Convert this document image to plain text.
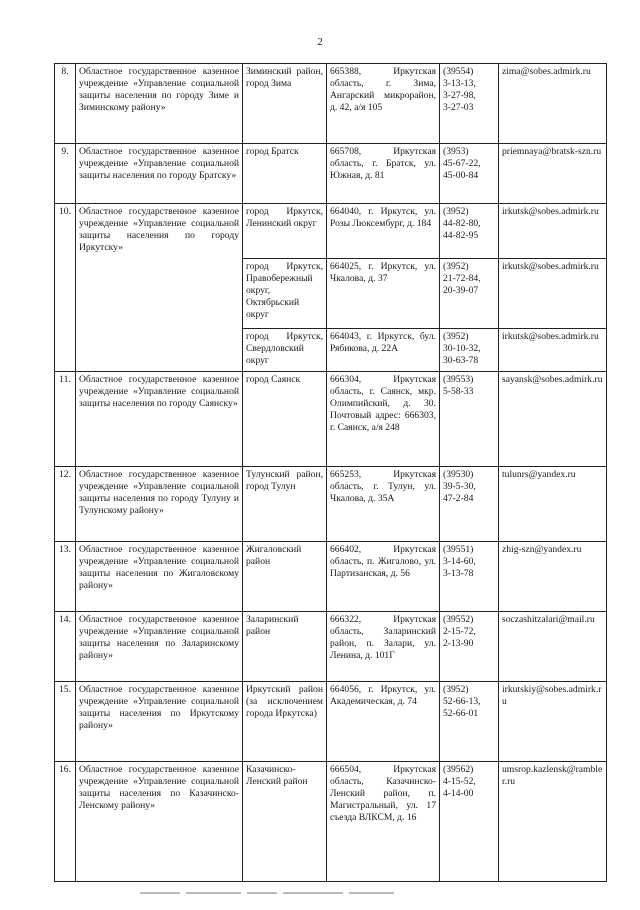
2
8.	Областное государственное казенное учреждение «Управление социальной защиты населения по городу Зиме и Зиминскому району»	Зиминский район, город Зима	665388, Иркутская область, г. Зима, Ангарский микрорайон, д. 42, а/я 105	(39554)
3-13-13,
3-27-98,
3-27-03	zima@sobes.admirk.ru
9.	Областное государственное казенное учреждение «Управление социальной защиты населения по городу Братску»	город Братск	665708, Иркутская область, г. Братск, ул. Южная, д. 81	(3953)
45-67-22,
45-00-84	priemnaya@bratsk-szn.ru
10.	Областное государственное казенное учреждение «Управление социальной защиты населения по городу Иркутску»	город Иркутск, Ленинский округ	664040, г. Иркутск, ул. Розы Люксембург, д. 184	(3952)
44-82-80,
44-82-95	irkutsk@sobes.admirk.ru
		город Иркутск, Правобережный округ, Октябрьский округ	664025, г. Иркутск, ул. Чкалова, д. 37	(3952)
21-72-84,
20-39-07	irkutsk@sobes.admirk.ru
		город Иркутск, Свердловский округ	664043, г. Иркутск, бул. Рябикова, д. 22А	(3952)
30-10-32,
30-63-78	irkutsk@sobes.admirk.ru
11.	Областное государственное казенное учреждение «Управление социальной защиты населения по городу Саянску»	город Саянск	666304, Иркутская область, г. Саянск, мкр. Олимпийский, д. 30. Почтовый адрес: 666303, г. Саянск, а/я 248	(39553)
5-58-33	sayansk@sobes.admirk.ru
12.	Областное государственное казенное учреждение «Управление социальной защиты населения по городу Тулуну и Тулунскому району»	Тулунский район, город Тулун	665253, Иркутская область, г. Тулун, ул. Чкалова, д. 35А	(39530)
39-5-30,
47-2-84	tulunrs@yandex.ru
13.	Областное государственное казенное учреждение «Управление социальной защиты населения по Жигаловскому району»	Жигаловский район	666402, Иркутская область, п. Жигалово, ул. Партизанская, д. 56	(39551)
3-14-60,
3-13-78	zhig-szn@yandex.ru
14.	Областное государственное казенное учреждение «Управление социальной защиты населения по Заларинскому району»	Заларинский район	666322, Иркутская область, Заларинский район, п. Залари, ул. Ленина, д. 101Г	(39552)
2-15-72,
2-13-90	soczashitzalari@mail.ru
15.	Областное государственное казенное учреждение «Управление социальной защиты населения по Иркутскому району»	Иркутский район (за исключением города Иркутска)	664056, г. Иркутск, ул. Академическая, д. 74	(3952)
52-66-13,
52-66-01	irkutskiy@sobes.admirk.ru
16.	Областное государственное казенное учреждение «Управление социальной защиты населения по Казачинско-Ленскому району»	Казачинско-Ленский район	666504, Иркутская область, Казачинско-Ленский район, п. Магистральный, ул. 17 съезда ВЛКСМ, д. 16	(39562)
4-15-52,
4-14-00	umsrop.kazlensk@rambler.ru
